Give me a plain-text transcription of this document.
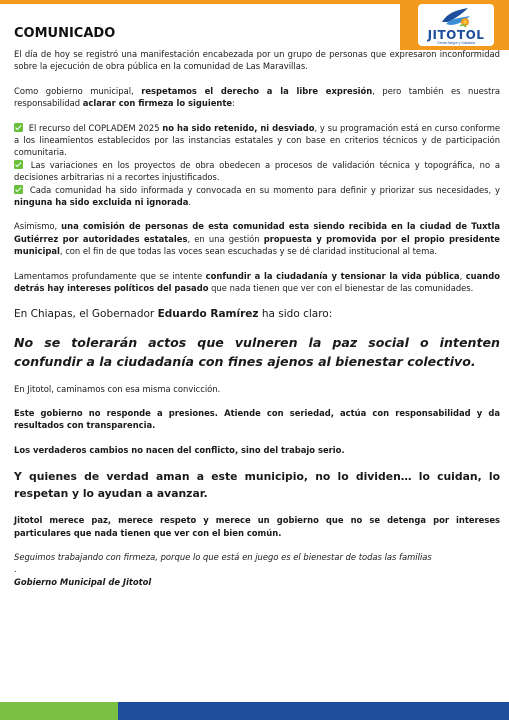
JITOTOL
Gente Alegre y Solidaria
COMUNICADO

El día de hoy se registró una manifestación encabezada por un grupo de personas que expresaron inconformidad sobre la ejecución de obra pública en la comunidad de Las Maravillas.

Como gobierno municipal, respetamos el derecho a la libre expresión, pero también es nuestra responsabilidad aclarar con firmeza lo siguiente:

El recurso del COPLADEM 2025 no ha sido retenido, ni desviado, y su programación está en curso conforme a los lineamientos establecidos por las instancias estatales y con base en criterios técnicos y de participación comunitaria.

Las variaciones en los proyectos de obra obedecen a procesos de validación técnica y topográfica, no a decisiones arbitrarias ni a recortes injustificados.

Cada comunidad ha sido informada y convocada en su momento para definir y priorizar sus necesidades, y ninguna ha sido excluida ni ignorada.

Asimismo, una comisión de personas de esta comunidad esta siendo recibida en la ciudad de Tuxtla Gutiérrez por autoridades estatales, en una gestión propuesta y promovida por el propio presidente municipal, con el fin de que todas las voces sean escuchadas y se dé claridad institucional al tema.

Lamentamos profundamente que se intente confundir a la ciudadanía y tensionar la vida pública, cuando detrás hay intereses políticos del pasado que nada tienen que ver con el bienestar de las comunidades.

En Chiapas, el Gobernador Eduardo Ramírez ha sido claro:

No se tolerarán actos que vulneren la paz social o intenten confundir a la ciudadanía con fines ajenos al bienestar colectivo.

En Jitotol, caminamos con esa misma convicción.

Este gobierno no responde a presiones. Atiende con seriedad, actúa con responsabilidad y da resultados con transparencia.

Los verdaderos cambios no nacen del conflicto, sino del trabajo serio.

Y quienes de verdad aman a este municipio, no lo dividen… lo cuidan, lo respetan y lo ayudan a avanzar.

Jitotol merece paz, merece respeto y merece un gobierno que no se detenga por intereses particulares que nada tienen que ver con el bien común.

Seguimos trabajando con firmeza, porque lo que está en juego es el bienestar de todas las familias

.

Gobierno Municipal de Jitotol
